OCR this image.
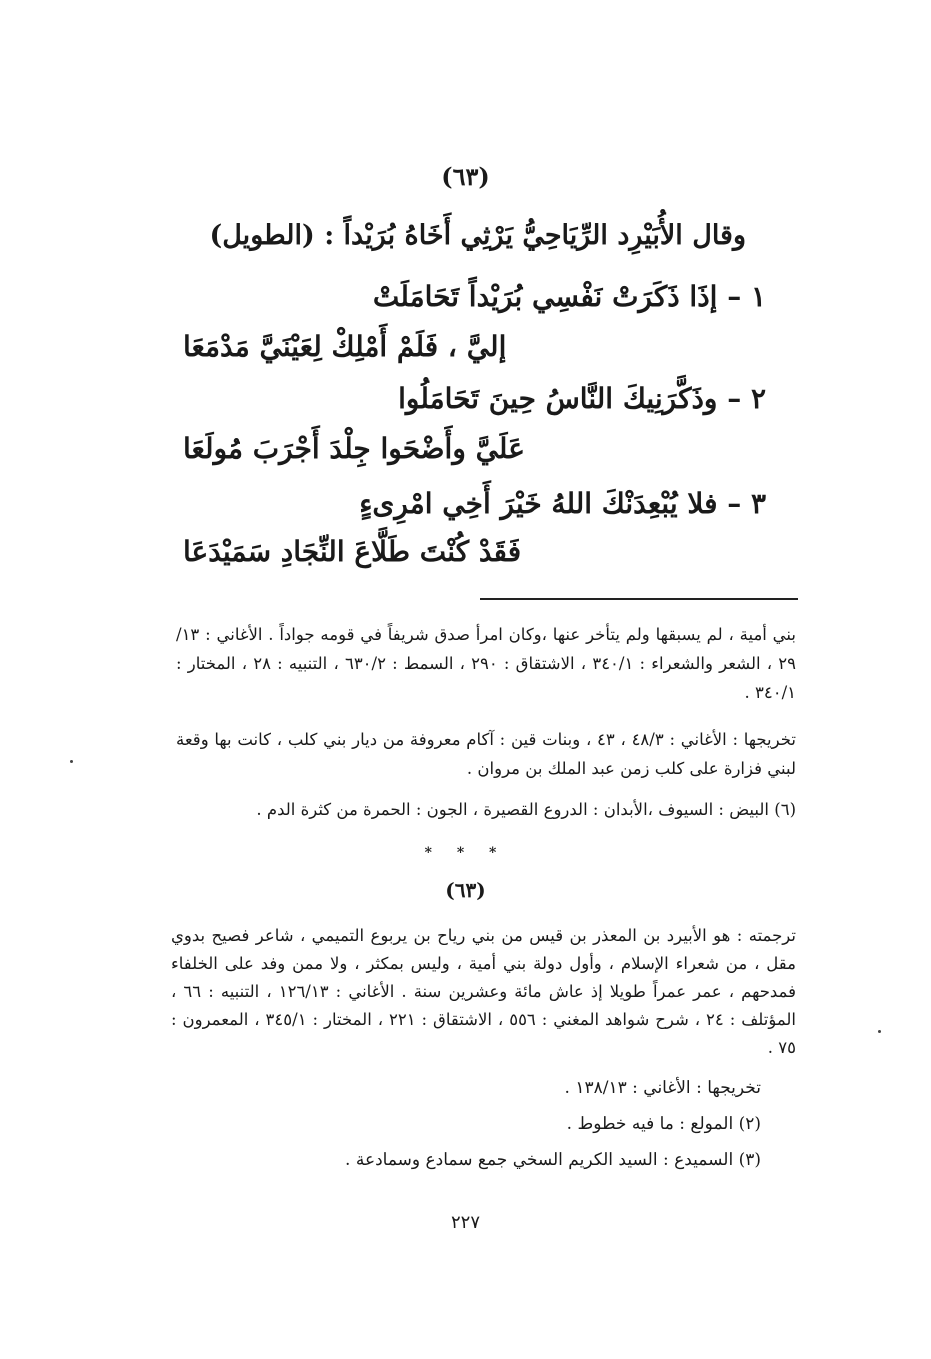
(٦٣)
وقال الأُبَيْرِد الرِّيَاحِيُّ يَرْثِي أَخَاهُ بُرَيْداً : (الطويل)
١ – إذَا ذَكَرَتْ نَفْسِي بُرَيْداً تَحَامَلَتْ
إليَّ ، فَلَمْ أَمْلِكْ لِعَيْنَيَّ مَدْمَعَا
٢ – وذَكَّرَنِيكَ النَّاسُ حِينَ تَحَامَلُوا
عَلَيَّ وأَضْحَوا جِلْدَ أَجْرَبَ مُولَعَا
٣ – فلا يُبْعِدَنْكَ اللهُ خَيْرَ أَخِي امْرِىءٍ
فَقَدْ كُنْتَ طَلَّاعَ النِّجَادِ سَمَيْدَعَا

بني أمية ، لم يسبقها ولم يتأخر عنها ،وكان امرأ صدق شريفاً في قومه جواداً . الأغاني : ١٣/ ٢٩ ، الشعر والشعراء : ٣٤٠/١ ، الاشتقاق : ٢٩٠ ، السمط : ٦٣٠/٢ ، التنبيه : ٢٨ ، المختار : ٣٤٠/١ .

تخريجها : الأغاني : ٤٨/٣ ، ٤٣ ، وبنات قين : آكام معروفة من ديار بني كلب ، كانت بها وقعة لبني فزارة على كلب زمن عبد الملك بن مروان .

(٦) البيض : السيوف ،الأبدان : الدروع القصيرة ، الجون : الحمرة من كثرة الدم .

* * *
(٦٣)

ترجمته : هو الأبيرد بن المعذر بن قيس من بني رياح بن يربوع التميمي ، شاعر فصيح بدوي مقل ، من شعراء الإسلام ، وأول دولة بني أمية ، وليس بمكثر ، ولا ممن وفد على الخلفاء فمدحهم ، عمر عمراً طويلا إذ عاش مائة وعشرين سنة . الأغاني : ١٢٦/١٣ ، التنبيه : ٦٦ ، المؤتلف : ٢٤ ، شرح شواهد المغني : ٥٥٦ ، الاشتقاق : ٢٢١ ، المختار : ٣٤٥/١ ، المعمرون : ٧٥ .

تخريجها : الأغاني : ١٣٨/١٣ .
(٢) المولع : ما فيه خطوط .
(٣) السميدع : السيد الكريم السخي جمع سمادع وسمادعة .
٢٢٧
